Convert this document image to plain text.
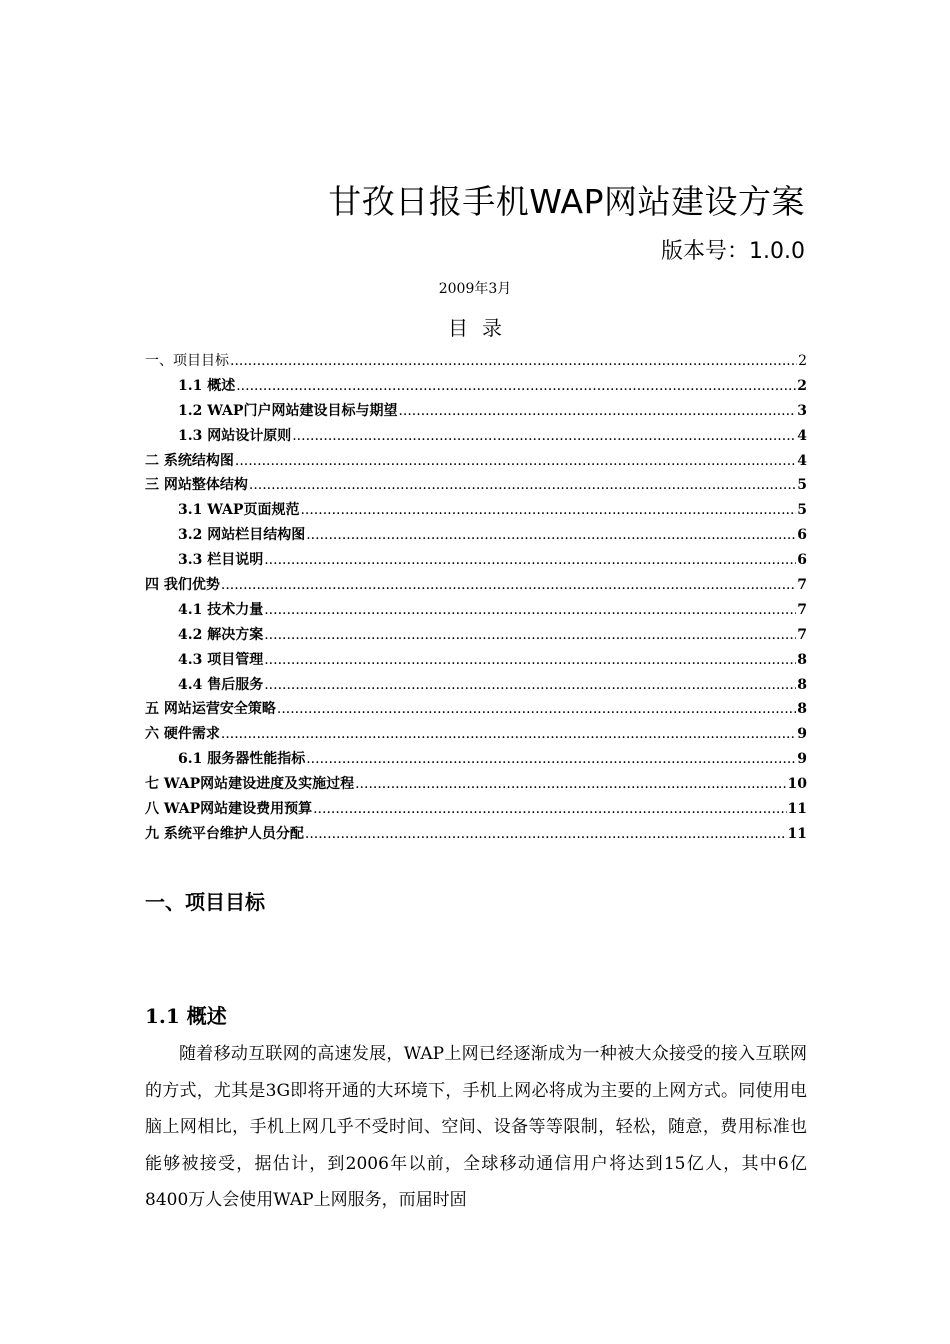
甘孜日报手机WAP网站建设方案
版本号：1.0.0
2009年3月
目录
一、项目目标 .....	2
1.1 概述 .....	2
1.2 WAP门户网站建设目标与期望 .....	3
1.3 网站设计原则 .....	4
二 系统结构图 .....	4
三 网站整体结构 .....	5
3.1 WAP页面规范 .....	5
3.2 网站栏目结构图 .....	6
3.3 栏目说明 .....	6
四 我们优势 .....	7
4.1 技术力量 .....	7
4.2 解决方案 .....	7
4.3 项目管理 .....	8
4.4 售后服务 .....	8
五 网站运营安全策略 .....	8
六 硬件需求 .....	9
6.1 服务器性能指标 .....	9
七 WAP网站建设进度及实施过程 .....	10
八 WAP网站建设费用预算 .....	11
九 系统平台维护人员分配 .....	11
一、项目目标
1.1 概述

随着移动互联网的高速发展，WAP上网已经逐渐成为一种被大众接受的接入互联网的方式，尤其是3G即将开通的大环境下，手机上网必将成为主要的上网方式。同使用电脑上网相比，手机上网几乎不受时间、空间、设备等等限制，轻松，随意，费用标准也能够被接受，据估计，到2006年以前，全球移动通信用户将达到15亿人，其中6亿8400万人会使用WAP上网服务，而届时固
